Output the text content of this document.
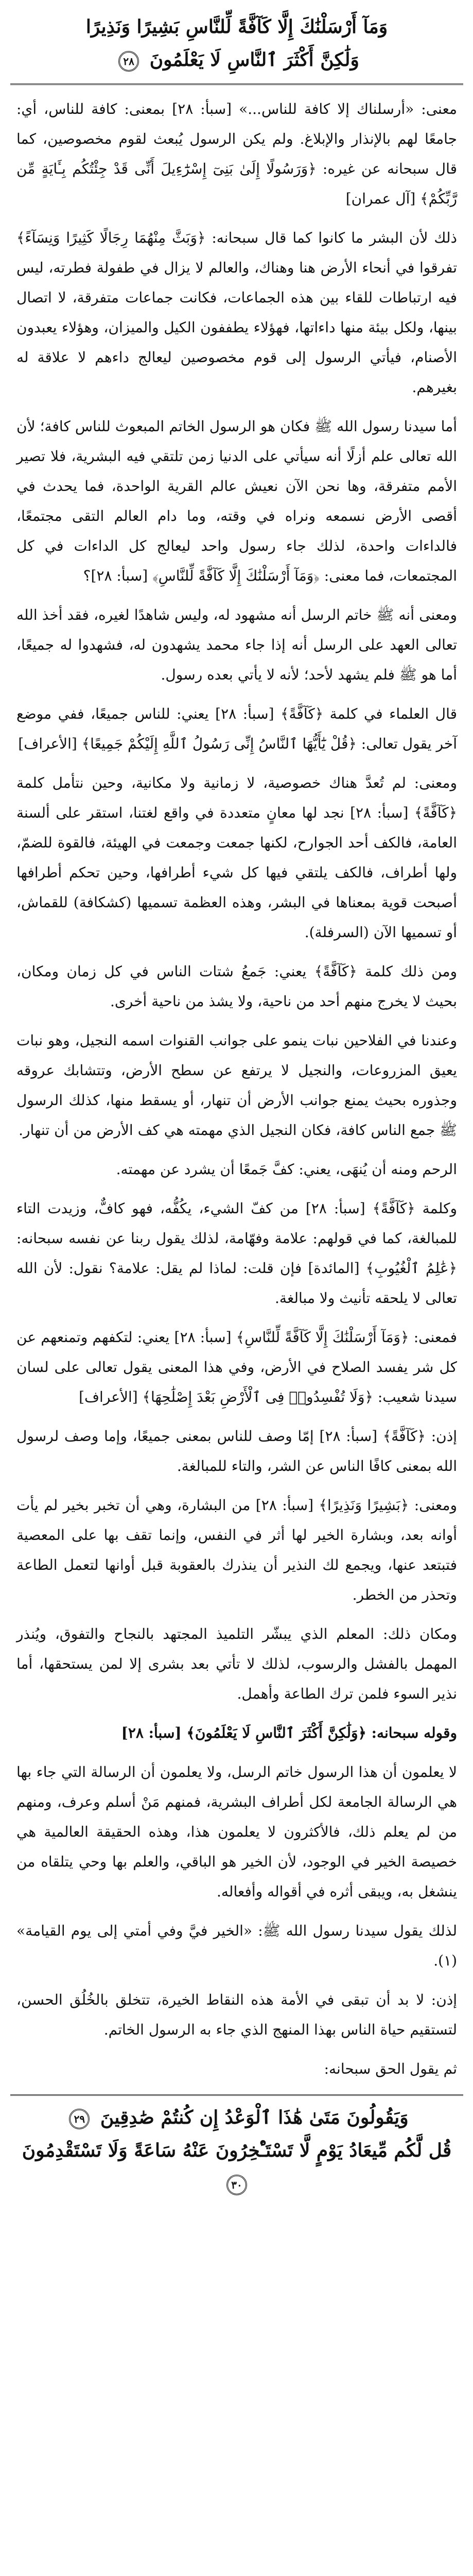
وَمَآ أَرْسَلْنَٰكَ إِلَّا كَآفَّةً لِّلنَّاسِ بَشِيرًا وَنَذِيرًا
وَلَٰكِنَّ أَكْثَرَ ٱلنَّاسِ لَا يَعْلَمُونَ ٢٨

معنى: «أرسلناك إلا كافة للناس...» [سبأ: ٢٨] بمعنى: كافة للناس، أي: جامعًا لهم بالإنذار والإبلاغ. ولم يكن الرسول يُبعث لقوم مخصوصين، كما قال سبحانه عن غيره: ﴿وَرَسُولًا إِلَىٰ بَنِىٓ إِسْرَٰٓءِيلَ أَنِّى قَدْ جِئْتُكُم بِـَٔايَةٍ مِّن رَّبِّكُمْ﴾ [آل عمران]

ذلك لأن البشر ما كانوا كما قال سبحانه: ﴿وَبَثَّ مِنْهُمَا رِجَالًا كَثِيرًا وَنِسَآءً﴾ تفرقوا في أنحاء الأرض هنا وهناك، والعالم لا يزال في طفولة فطرته، ليس فيه ارتباطات للقاء بين هذه الجماعات، فكانت جماعات متفرقة، لا اتصال بينها، ولكل بيئة منها داءاتها، فهؤلاء يطففون الكيل والميزان، وهؤلاء يعبدون الأصنام، فيأتي الرسول إلى قوم مخصوصين ليعالج داءهم لا علاقة له بغيرهم.

أما سيدنا رسول الله ﷺ فكان هو الرسول الخاتم المبعوث للناس كافة؛ لأن الله تعالى علم أزلًا أنه سيأتي على الدنيا زمن تلتقي فيه البشرية، فلا تصير الأمم متفرقة، وها نحن الآن نعيش عالم القرية الواحدة، فما يحدث في أقصى الأرض نسمعه ونراه في وقته، وما دام العالم التقى مجتمعًا، فالداءات واحدة، لذلك جاء رسول واحد ليعالج كل الداءات في كل المجتمعات، فما معنى: ﴿وَمَآ أَرْسَلْنَٰكَ إِلَّا كَآفَّةً لِّلنَّاسِ﴾ [سبأ: ٢٨]؟

ومعنى أنه ﷺ خاتم الرسل أنه مشهود له، وليس شاهدًا لغيره، فقد أخذ الله تعالى العهد على الرسل أنه إذا جاء محمد يشهدون له، فشهدوا له جميعًا، أما هو ﷺ فلم يشهد لأحد؛ لأنه لا يأتي بعده رسول.

قال العلماء في كلمة ﴿كَآفَّةً﴾ [سبأ: ٢٨] يعني: للناس جميعًا، ففي موضع آخر يقول تعالى: ﴿قُلْ يَٰٓأَيُّهَا ٱلنَّاسُ إِنِّى رَسُولُ ٱللَّهِ إِلَيْكُمْ جَمِيعًا﴾ [الأعراف]

ومعنى: لم تُعدَّ هناك خصوصية، لا زمانية ولا مكانية، وحين نتأمل كلمة ﴿كَآفَّةً﴾ [سبأ: ٢٨] نجد لها معانٍ متعددة في واقع لغتنا، استقر على ألسنة العامة، فالكف أحد الجوارح، لكنها جمعت وجمعت في الهيئة، فالقوة للضمّ، ولها أطراف، فالكف يلتقي فيها كل شيء أطرافها، وحين تحكم أطرافها أصبحت قوية بمعناها في البشر، وهذه العظمة تسميها (كشكافة) للقماش، أو تسميها الآن (السرفلة).

ومن ذلك كلمة ﴿كَآفَّةً﴾ يعني: جَمعُ شتات الناس في كل زمان ومكان، بحيث لا يخرج منهم أحد من ناحية، ولا يشذ من ناحية أخرى.

وعندنا في الفلاحين نبات ينمو على جوانب القنوات اسمه النجيل، وهو نبات يعيق المزروعات، والنجيل لا يرتفع عن سطح الأرض، وتتشابك عروقه وجذوره بحيث يمنع جوانب الأرض أن تنهار، أو يسقط منها، كذلك الرسول ﷺ جمع الناس كافة، فكان النجيل الذي مهمته هي كف الأرض من أن تنهار.

الرحم ومنه أن يُنهَى، يعني: كفَّ جَمعًا أن يشرد عن مهمته.

وكلمة ﴿كَآفَّةً﴾ [سبأ: ٢٨] من كفّ الشيء، يكُفُّه، فهو كافٌّ، وزيدت التاء للمبالغة، كما في قولهم: علامة وفهّامة، لذلك يقول ربنا عن نفسه سبحانه: ﴿عَٰلِمُ ٱلْغُيُوبِ﴾ [المائدة] فإن قلت: لماذا لم يقل: علامة؟ نقول: لأن الله تعالى لا يلحقه تأنيث ولا مبالغة.

فمعنى: ﴿وَمَآ أَرْسَلْنَٰكَ إِلَّا كَآفَّةً لِّلنَّاسِ﴾ [سبأ: ٢٨] يعني: لتكفهم وتمنعهم عن كل شر يفسد الصلاح في الأرض، وفي هذا المعنى يقول تعالى على لسان سيدنا شعيب: ﴿وَلَا تُفْسِدُوا۟ فِى ٱلْأَرْضِ بَعْدَ إِصْلَٰحِهَا﴾ [الأعراف]

إذن: ﴿كَآفَّةً﴾ [سبأ: ٢٨] إمّا وصف للناس بمعنى جميعًا، وإما وصف لرسول الله بمعنى كافًا الناس عن الشر، والتاء للمبالغة.

ومعنى: ﴿بَشِيرًا وَنَذِيرًا﴾ [سبأ: ٢٨] من البشارة، وهي أن تخبر بخير لم يأت أوانه بعد، وبشارة الخير لها أثر في النفس، وإنما تقف بها على المعصية فتبتعد عنها، ويجمع لك النذير أن ينذرك بالعقوبة قبل أوانها لتعمل الطاعة وتحذر من الخطر.

ومكان ذلك: المعلم الذي يبشّر التلميذ المجتهد بالنجاح والتفوق، ويُنذر المهمل بالفشل والرسوب، لذلك لا تأتي بعد بشرى إلا لمن يستحقها، أما نذير السوء فلمن ترك الطاعة وأهمل.

وقوله سبحانه: ﴿وَلَٰكِنَّ أَكْثَرَ ٱلنَّاسِ لَا يَعْلَمُونَ﴾ [سبأ: ٢٨]

لا يعلمون أن هذا الرسول خاتم الرسل، ولا يعلمون أن الرسالة التي جاء بها هي الرسالة الجامعة لكل أطراف البشرية، فمنهم مَنْ أسلم وعرف، ومنهم من لم يعلم ذلك، فالأكثرون لا يعلمون هذا، وهذه الحقيقة العالمية هي خصيصة الخير في الوجود، لأن الخير هو الباقي، والعلم بها وحي يتلقاه من ينشغل به، ويبقى أثره في أقواله وأفعاله.

لذلك يقول سيدنا رسول الله ﷺ: «الخير فيَّ وفي أمتي إلى يوم القيامة» (١).

إذن: لا بد أن تبقى في الأمة هذه النقاط الخيرة، تتخلق بالخُلُق الحسن، لتستقيم حياة الناس بهذا المنهج الذي جاء به الرسول الخاتم.

ثم يقول الحق سبحانه:

وَيَقُولُونَ مَتَىٰ هَٰذَا ٱلْوَعْدُ إِن كُنتُمْ صَٰدِقِينَ ٢٩
قُل لَّكُم مِّيعَادُ يَوْمٍ لَّا تَسْتَـْٔخِرُونَ عَنْهُ سَاعَةً وَلَا تَسْتَقْدِمُونَ ٣٠
